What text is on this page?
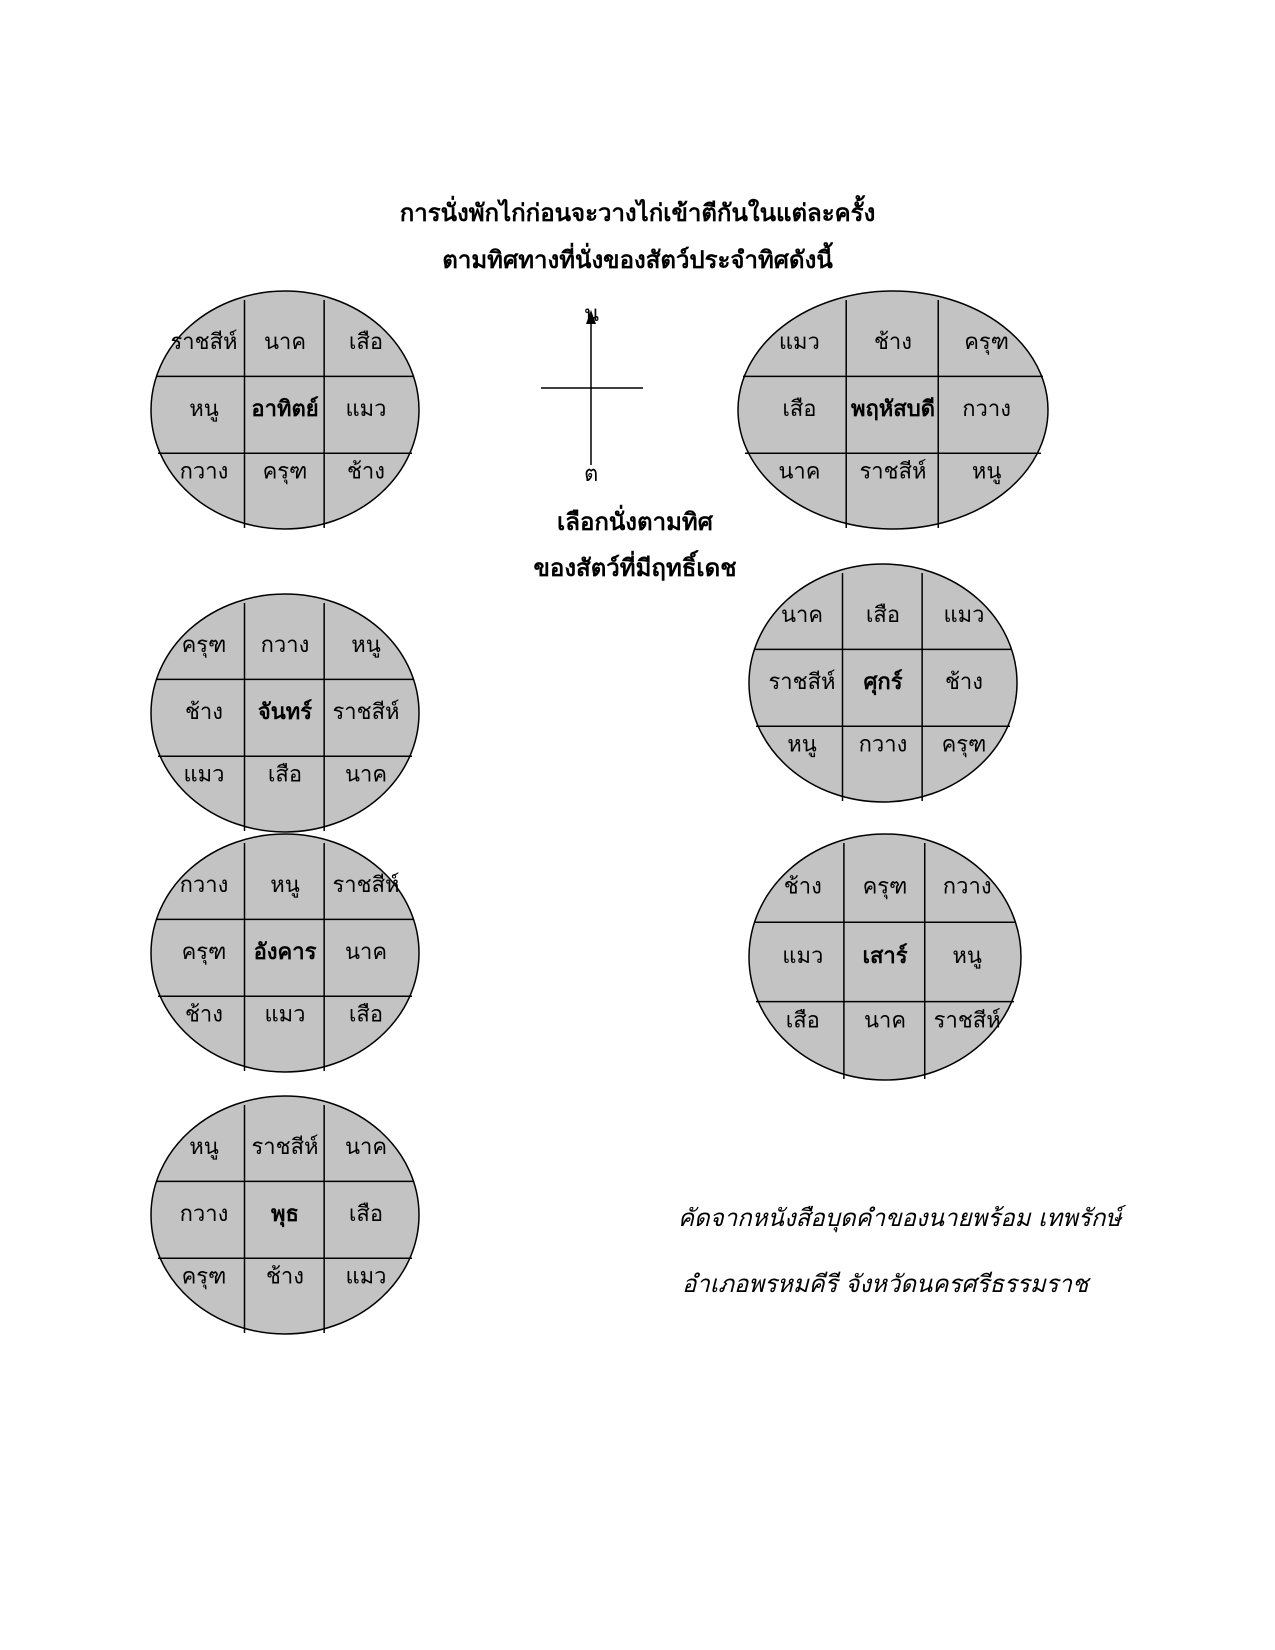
การนั่งพักไก่ก่อนจะวางไก่เข้าตีกันในแต่ละครั้ง
ตามทิศทางที่นั่งของสัตว์ประจำทิศดังนี้
น
ต
เลือกนั่งตามทิศ
ของสัตว์ที่มีฤทธิ์เดช
ราชสีห์ นาค เสือ
หนู อาทิตย์ แมว
กวาง ครุฑ ช้าง
ครุฑ กวาง หนู
ช้าง จันทร์ ราชสีห์
แมว เสือ นาค
กวาง หนู ราชสีห์
ครุฑ อังคาร นาค
ช้าง แมว เสือ
หนู ราชสีห์ นาค
กวาง พุธ เสือ
ครุฑ ช้าง แมว
แมว ช้าง ครุฑ
เสือ พฤหัสบดี กวาง
นาค ราชสีห์ หนู
นาค เสือ แมว
ราชสีห์ ศุกร์ ช้าง
หนู กวาง ครุฑ
ช้าง ครุฑ กวาง
แมว เสาร์ หนู
เสือ นาค ราชสีห์
คัดจากหนังสือบุดคำของนายพร้อม เทพรักษ์
อำเภอพรหมคีรี จังหวัดนครศรีธรรมราช
